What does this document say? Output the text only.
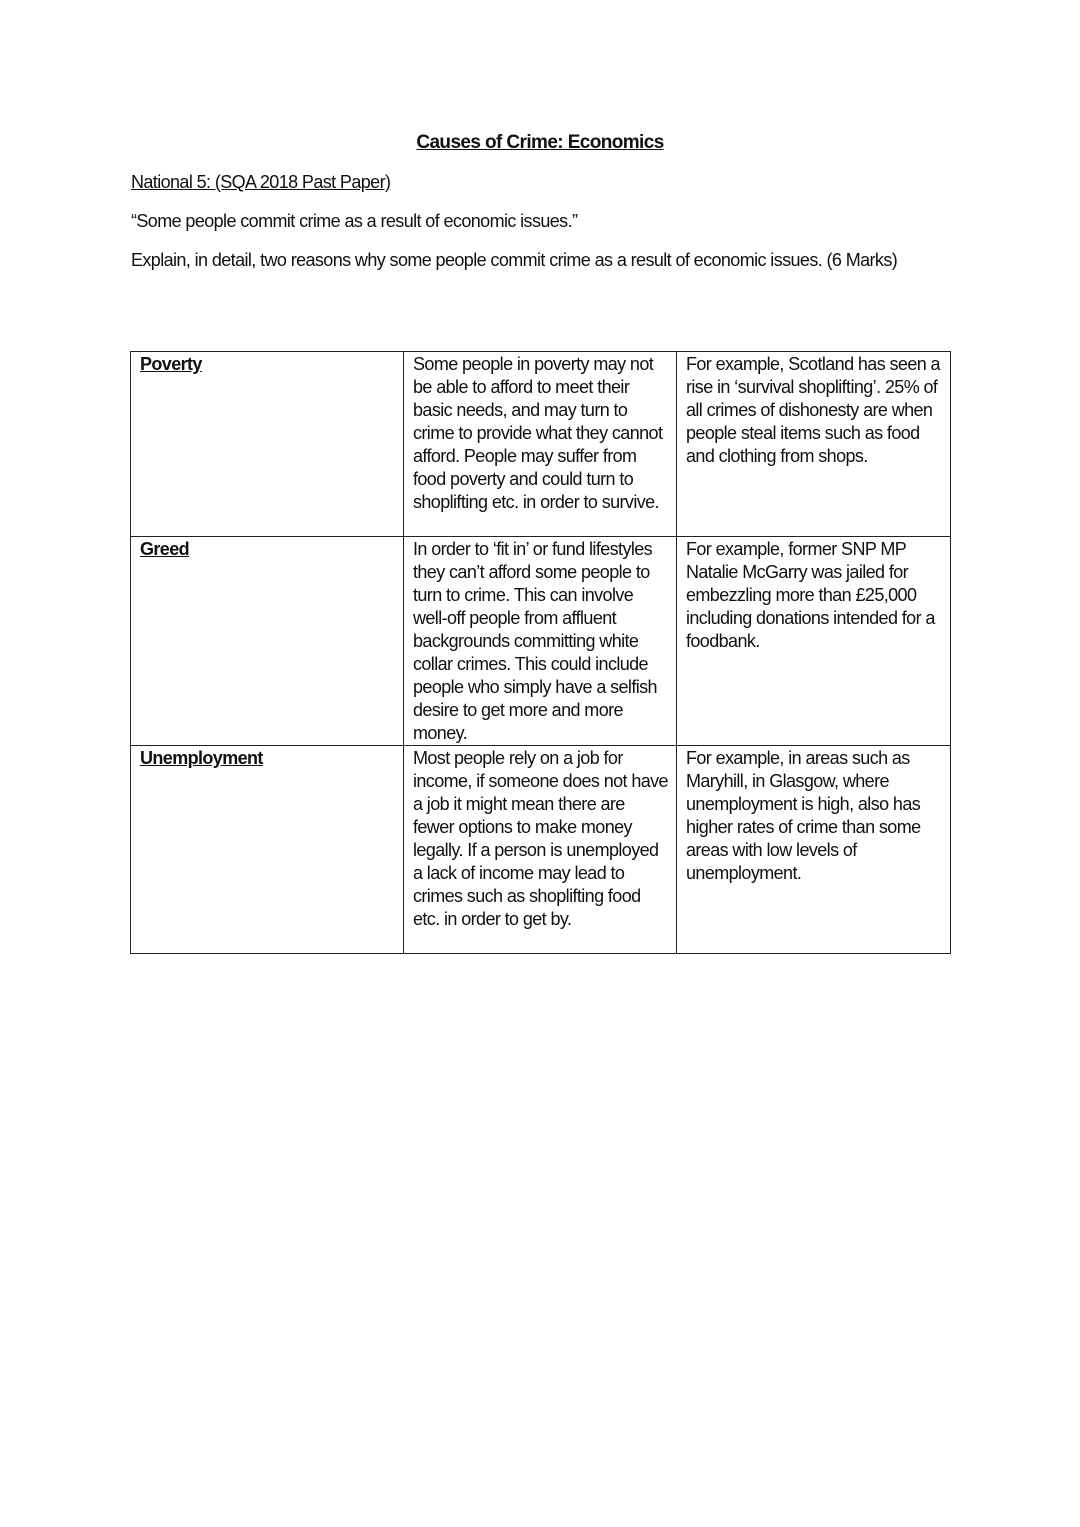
Causes of Crime: Economics
National 5: (SQA 2018 Past Paper)
“Some people commit crime as a result of economic issues.”
Explain, in detail, two reasons why some people commit crime as a result of economic issues. (6 Marks)
Poverty	Some people in poverty may not be able to afford to meet their basic needs, and may turn to crime to provide what they cannot afford. People may suffer from food poverty and could turn to shoplifting etc. in order to survive.	For example, Scotland has seen a rise in ‘survival shoplifting’. 25% of all crimes of dishonesty are when people steal items such as food and clothing from shops.
Greed	In order to ‘fit in’ or fund lifestyles they can’t afford some people to turn to crime. This can involve well-off people from affluent backgrounds committing white collar crimes. This could include people who simply have a selfish desire to get more and more money.	For example, former SNP MP Natalie McGarry was jailed for embezzling more than £25,000 including donations intended for a foodbank.
Unemployment	Most people rely on a job for income, if someone does not have a job it might mean there are fewer options to make money legally. If a person is unemployed a lack of income may lead to crimes such as shoplifting food etc. in order to get by.	For example, in areas such as Maryhill, in Glasgow, where unemployment is high, also has higher rates of crime than some areas with low levels of unemployment.
